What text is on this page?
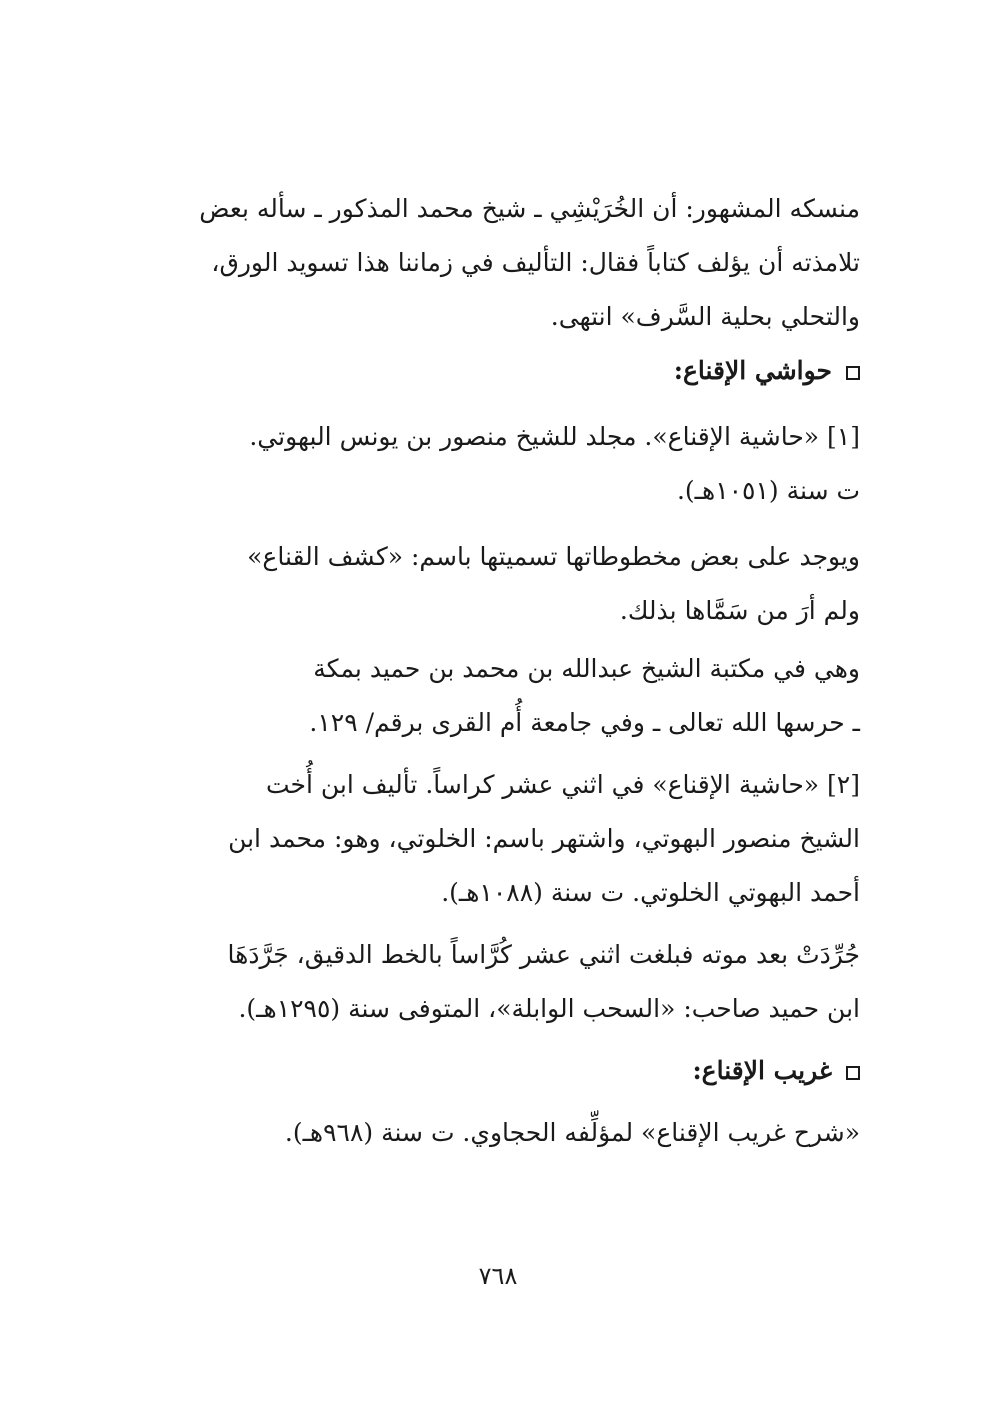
منسكه المشهور: أن الخُرَيْشِي ـ شيخ محمد المذكور ـ سأله بعض

تلامذته أن يؤلف كتاباً فقال: التأليف في زماننا هذا تسويد الورق،

والتحلي بحلية السَّرف» انتهى.

حواشي الإقناع:

[١] «حاشية الإقناع». مجلد للشيخ منصور بن يونس البهوتي.

ت سنة (١٠٥١هـ).

ويوجد على بعض مخطوطاتها تسميتها باسم: «كشف القناع»

ولم أرَ من سَمَّاها بذلك.

وهي في مكتبة الشيخ عبدالله بن محمد بن حميد بمكة

ـ حرسها الله تعالى ـ وفي جامعة أُم القرى برقم/ ١٢٩.

[٢] «حاشية الإقناع» في اثني عشر كراساً. تأليف ابن أُخت

الشيخ منصور البهوتي، واشتهر باسم: الخلوتي، وهو: محمد ابن

أحمد البهوتي الخلوتي. ت سنة (١٠٨٨هـ).

جُرِّدَتْ بعد موته فبلغت اثني عشر كُرَّاساً بالخط الدقيق، جَرَّدَهَا

ابن حميد صاحب: «السحب الوابلة»، المتوفى سنة (١٢٩٥هـ).

غريب الإقناع:

«شرح غريب الإقناع» لمؤلِّفه الحجاوي. ت سنة (٩٦٨هـ).

٧٦٨
